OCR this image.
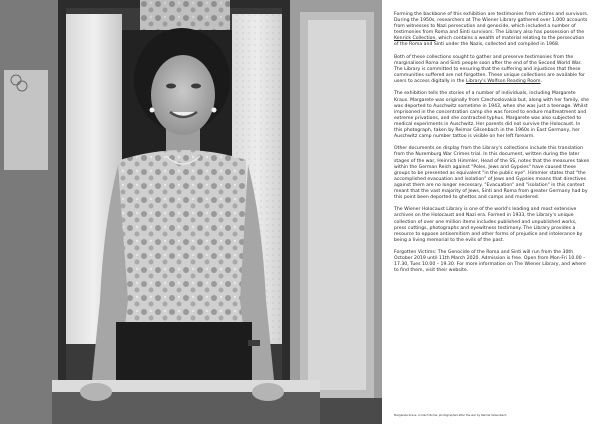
Forming the backbone of this exhibition are testimonies from victims and survivors. During the 1950s, researchers at The Wiener Library gathered over 1,000 accounts from witnesses to Nazi persecution and genocide, which included a number of testimonies from Roma and Sinti survivors. The Library also has possession of the Kenrick Collection, which contains a wealth of material relating to the persecution of the Roma and Sinti under the Nazis, collected and compiled in 1968.

Both of these collections sought to gather and preserve testimonies from the marginalised Roma and Sinti people soon after the end of the Second World War. The Library is committed to ensuring that the suffering and injustices that these communities suffered are not forgotten. These unique collections are available for users to access digitally in the Library's Wolfson Reading Room.

The exhibition tells the stories of a number of individuals, including Margarete Kraus. Margarete was originally from Czechoslovakia but, along with her family, she was deported to Auschwitz sometime in 1943, when she was just a teenage. Whilst imprisoned in the concentration camp she was forced to endure maltreatment and extreme privations, and she contracted typhus. Margarete was also subjected to medical experiments in Auschwitz. Her parents did not survive the Holocaust. In this photograph, taken by Reimar Gilsenbach in the 1960s in East Germany, her Auschwitz camp number tattoo is visible on her left forearm.

Other documents on display from the Library's collections include this translation from the Nuremburg War Crimes trial. In this document, written during the later stages of the war, Heinrich Himmler, Head of the SS, notes that the measures taken within the German Reich against "Poles, Jews and Gypsies" have caused these groups to be presented as equivalent "in the public eye". Himmler states that "the accomplished evacuation and isolation" of Jews and Gypsies means that directives against them are no longer necessary. "Evacuation" and "isolation" in this context meant that the vast majority of Jews, Sinti and Roma from greater Germany had by this point been deported to ghettos and camps and murdered.

The Wiener Holocaust Library is one of the world's leading and most extensive archives on the Holocaust and Nazi era. Formed in 1933, the Library's unique collection of over one million items includes published and unpublished works, press cuttings, photographs and eyewitness testimony. The Library provides a resource to oppose antisemitism and other forms of prejudice and intolerance by being a living memorial to the evils of the past.

Forgotten Victims: The Genocide of the Roma and Sinti will run from the 30th October 2019 until 11th March 2020. Admission is free. Open from Mon-Fri 10.00 – 17.30, Tues 10.00 – 19.30. For more information on The Wiener Library, and where to find them, visit their website.

Margarete Kraus, a Czech Roma, photographed after the war by Reimar Gilsenbach.
